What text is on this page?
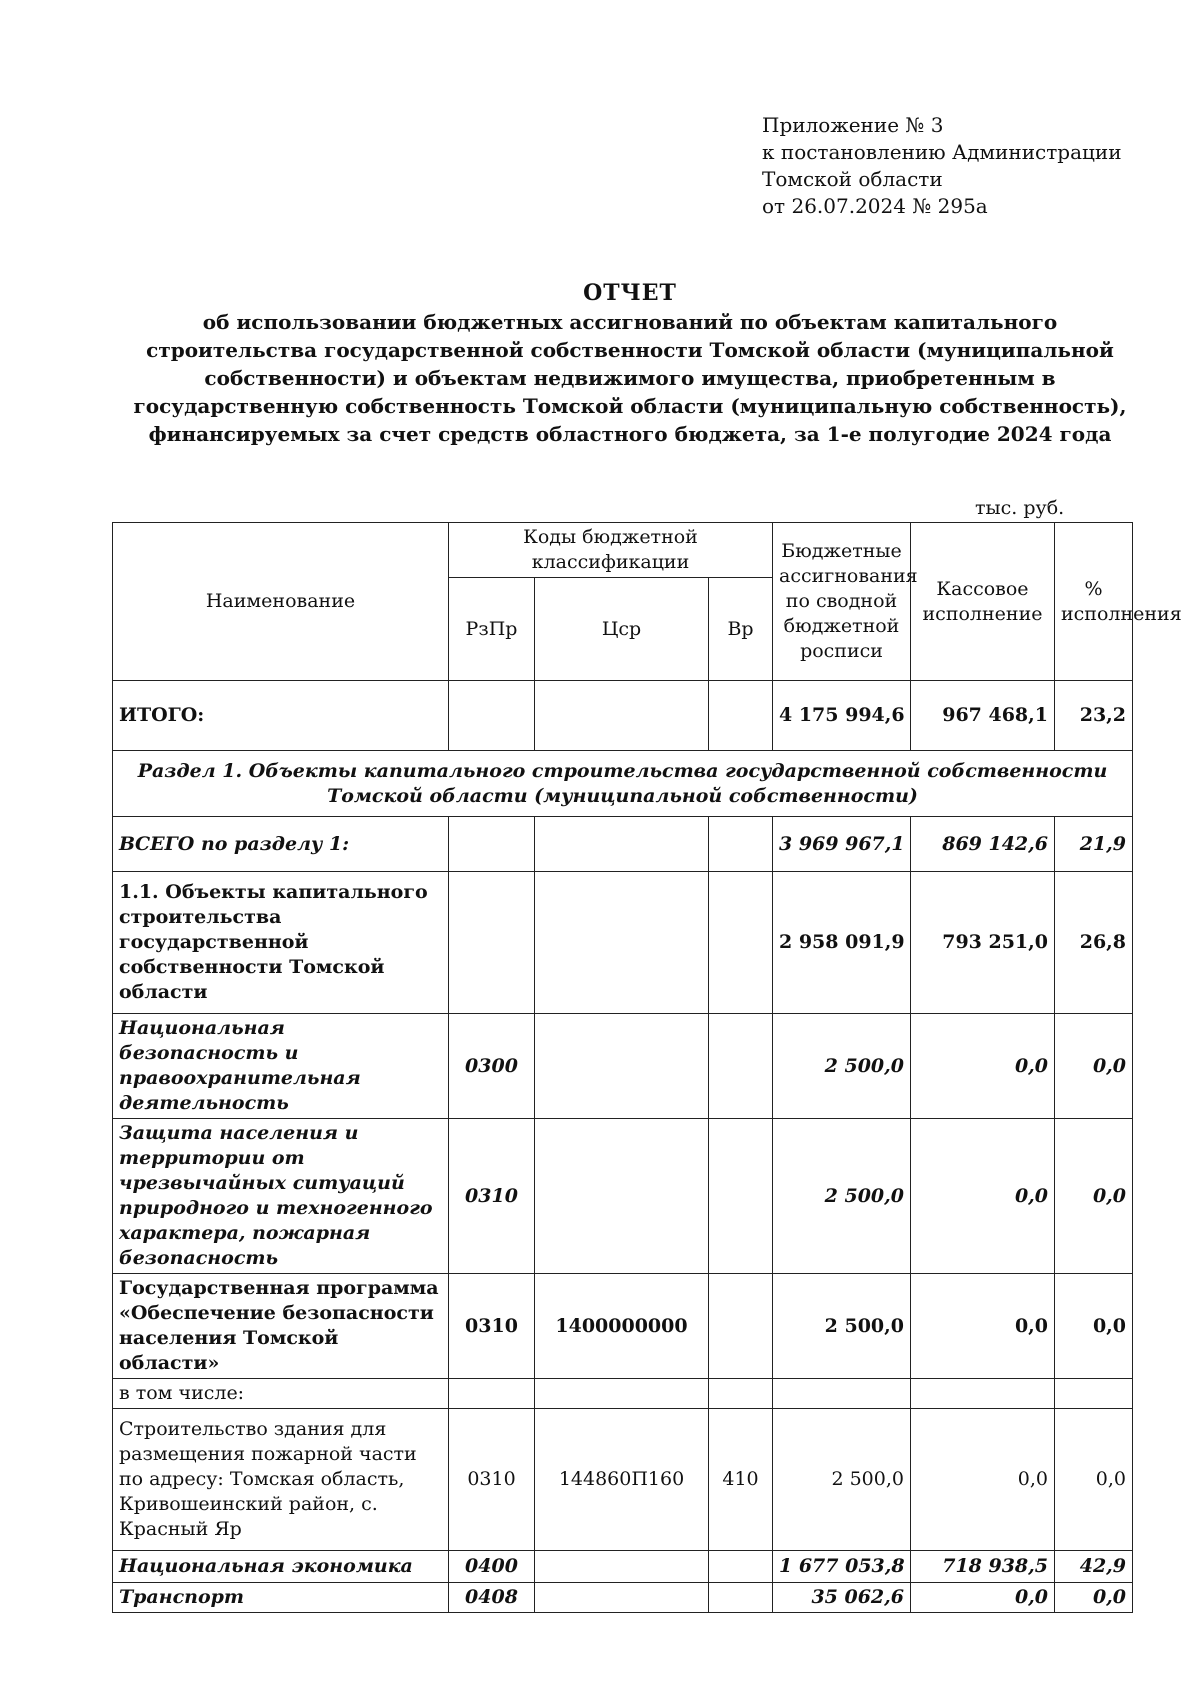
Приложение № 3
к постановлению Администрации
Томской области
от 26.07.2024 № 295а
ОТЧЕТ
об использовании бюджетных ассигнований по объектам капитального
строительства государственной собственности Томской области (муниципальной
собственности) и объектам недвижимого имущества, приобретенным в
государственную собственность Томской области (муниципальную собственность),
финансируемых за счет средств областного бюджета, за 1-е полугодие 2024 года
тыс. руб.
Наименование	Коды бюджетной классификации			Бюджетные ассигнования по сводной бюджетной росписи	Кассовое исполнение	% исполнения
	РзПр	Цср	Вр			
ИТОГО:				4 175 994,6	967 468,1	23,2
Раздел 1. Объекты капитального строительства государственной собственности Томской области (муниципальной собственности)						
ВСЕГО по разделу 1:				3 969 967,1	869 142,6	21,9
1.1. Объекты капитального строительства государственной собственности Томской области				2 958 091,9	793 251,0	26,8
Национальная безопасность и правоохранительная деятельность	0300			2 500,0	0,0	0,0
Защита населения и территории от чрезвычайных ситуаций природного и техногенного характера, пожарная безопасность	0310			2 500,0	0,0	0,0
Государственная программа «Обеспечение безопасности населения Томской области»	0310	1400000000		2 500,0	0,0	0,0
в том числе:						
Строительство здания для размещения пожарной части по адресу: Томская область, Кривошеинский район, с. Красный Яр	0310	144860П160	410	2 500,0	0,0	0,0
Национальная экономика	0400			1 677 053,8	718 938,5	42,9
Транспорт	0408			35 062,6	0,0	0,0
